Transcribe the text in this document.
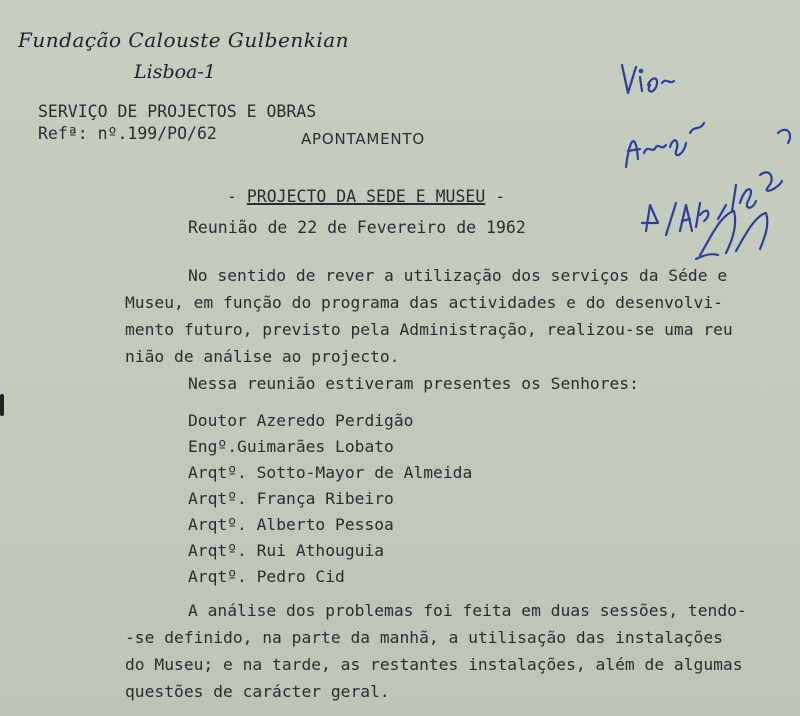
Fundação Calouste Gulbenkian
Lisboa-1
SERVIÇO DE PROJECTOS E OBRAS
Refª: nº.199/PO/62	APONTAMENTO
- PROJECTO DA SEDE E MUSEU -
Reunião de 22 de Fevereiro de 1962
No sentido de rever a utilização dos serviços da Séde e
Museu, em função do programa das actividades e do desenvolvi-
mento futuro, previsto pela Administração, realizou-se uma reu
nião de análise ao projecto.
Nessa reunião estiveram presentes os Senhores:
Doutor Azeredo Perdigão
Engº.Guimarães Lobato
Arqtº. Sotto-Mayor de Almeida
Arqtº. França Ribeiro
Arqtº. Alberto Pessoa
Arqtº. Rui Athouguia
Arqtº. Pedro Cid
A análise dos problemas foi feita em duas sessões, tendo-
-se definido, na parte da manhã, a utilisação das instalações
do Museu; e na tarde, as restantes instalações, além de algumas
questões de carácter geral.
